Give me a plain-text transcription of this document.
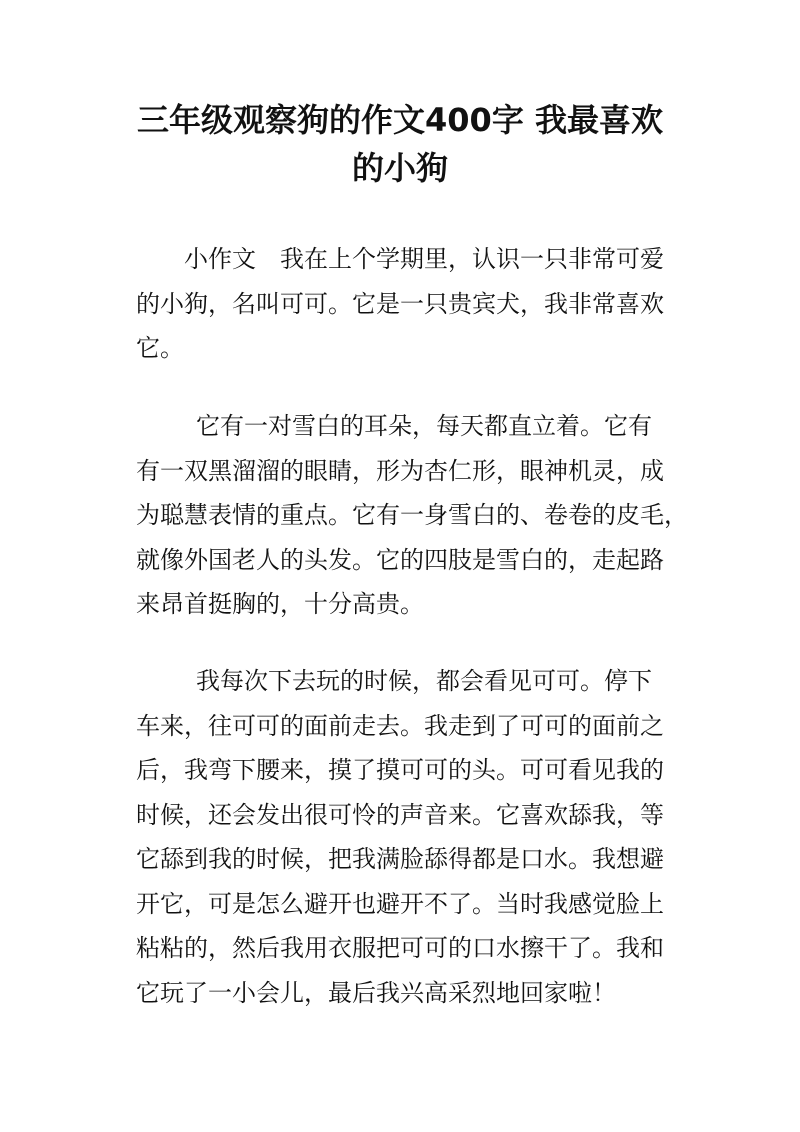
三年级观察狗的作文400字 我最喜欢
的小狗
小作文　我在上个学期里，认识一只非常可爱
的小狗，名叫可可。它是一只贵宾犬，我非常喜欢
它。
它有一对雪白的耳朵，每天都直立着。它有
有一双黑溜溜的眼睛，形为杏仁形，眼神机灵，成
为聪慧表情的重点。它有一身雪白的、卷卷的皮毛，
就像外国老人的头发。它的四肢是雪白的，走起路
来昂首挺胸的，十分高贵。
我每次下去玩的时候，都会看见可可。停下
车来，往可可的面前走去。我走到了可可的面前之
后，我弯下腰来，摸了摸可可的头。可可看见我的
时候，还会发出很可怜的声音来。它喜欢舔我，等
它舔到我的时候，把我满脸舔得都是口水。我想避
开它，可是怎么避开也避开不了。当时我感觉脸上
粘粘的，然后我用衣服把可可的口水擦干了。我和
它玩了一小会儿，最后我兴高采烈地回家啦！
